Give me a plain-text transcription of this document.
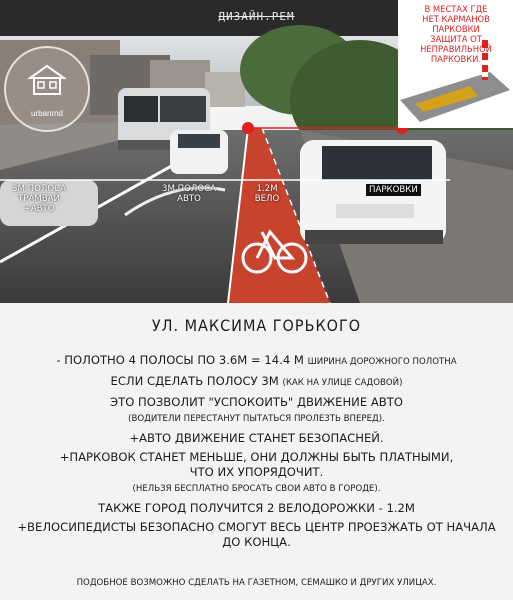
ДИЗАЙН.РЕМ
urbanrnd
В МЕСТАХ ГДЕ
НЕТ КАРМАНОВ
ПАРКОВКИ
ЗАЩИТА ОТ
НЕПРАВИЛЬНОЙ
ПАРКОВКИ.
3М ПОЛОСА
ТРАМВАЙ
+АВТО
3М ПОЛОСА
АВТО
1.2М
ВЕЛО
ПАРКОВКИ
УЛ. МАКСИМА ГОРЬКОГО
- ПОЛОТНО 4 ПОЛОСЫ ПО 3.6М = 14.4 М ШИРИНА ДОРОЖНОГО ПОЛОТНА
ЕСЛИ СДЕЛАТЬ ПОЛОСУ 3М (КАК НА УЛИЦЕ САДОВОЙ)
ЭТО ПОЗВОЛИТ "УСПОКОИТЬ" ДВИЖЕНИЕ АВТО
(ВОДИТЕЛИ ПЕРЕСТАНУТ ПЫТАТЬСЯ ПРОЛЕЗТЬ ВПЕРЕД).
+АВТО ДВИЖЕНИЕ СТАНЕТ БЕЗОПАСНЕЙ.
+ПАРКОВОК СТАНЕТ МЕНЬШЕ, ОНИ ДОЛЖНЫ БЫТЬ ПЛАТНЫМИ,
ЧТО ИХ УПОРЯДОЧИТ.
(НЕЛЬЗЯ БЕСПЛАТНО БРОСАТЬ СВОИ АВТО В ГОРОДЕ).
ТАКЖЕ ГОРОД ПОЛУЧИТСЯ 2 ВЕЛОДОРОЖКИ - 1.2М
+ВЕЛОСИПЕДИСТЫ БЕЗОПАСНО СМОГУТ ВЕСЬ ЦЕНТР ПРОЕЗЖАТЬ ОТ НАЧАЛА
ДО КОНЦА.
ПОДОБНОЕ ВОЗМОЖНО СДЕЛАТЬ НА ГАЗЕТНОМ, СЕМАШКО И ДРУГИХ УЛИЦАХ.
